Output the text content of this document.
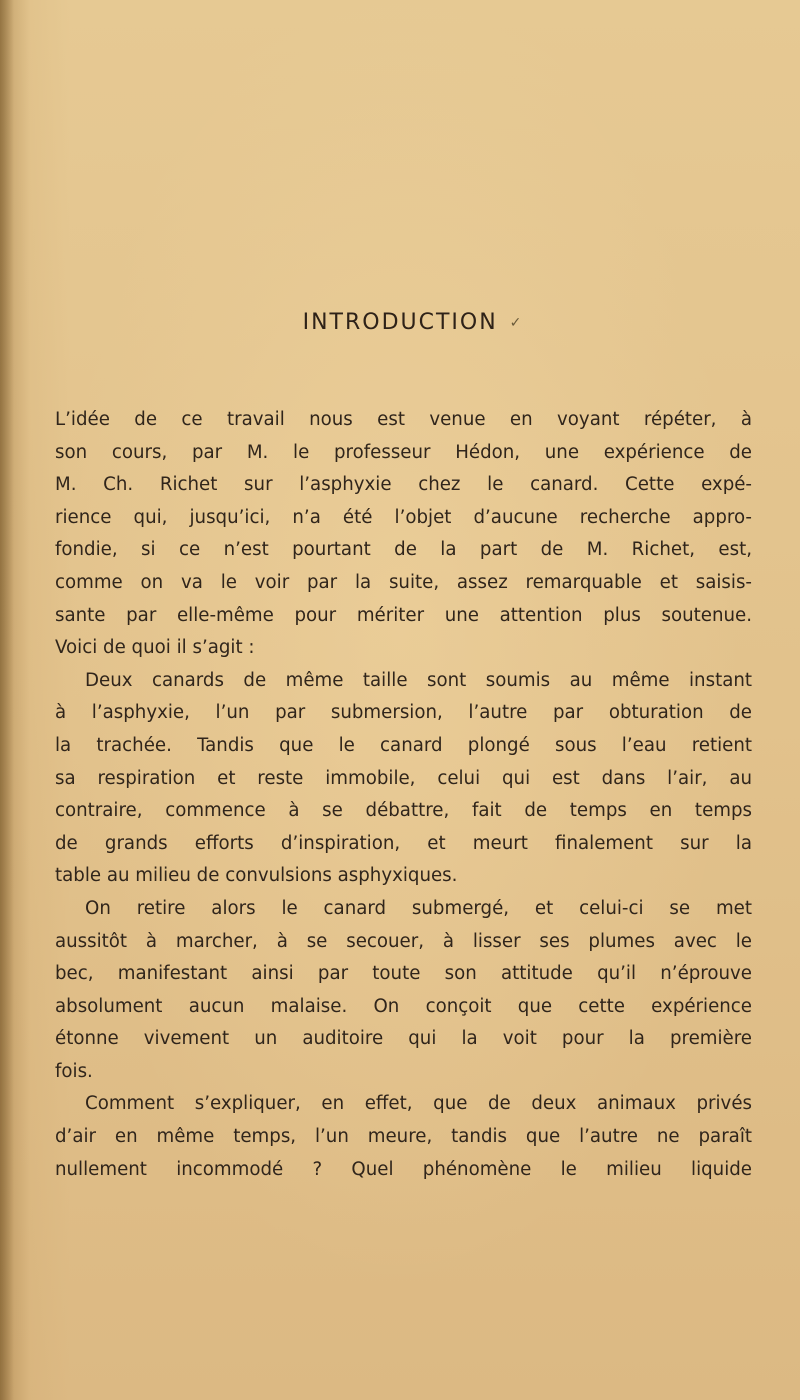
INTRODUCTION ✓

L’idée de ce travail nous est venue en voyant répéter, à
son cours, par M. le professeur Hédon, une expérience de
M. Ch. Richet sur l’asphyxie chez le canard. Cette expé-
rience qui, jusqu’ici, n’a été l’objet d’aucune recherche appro-
fondie, si ce n’est pourtant de la part de M. Richet, est,
comme on va le voir par la suite, assez remarquable et saisis-
sante par elle-même pour mériter une attention plus soutenue.
Voici de quoi il s’agit :

Deux canards de même taille sont soumis au même instant
à l’asphyxie, l’un par submersion, l’autre par obturation de
la trachée. Tandis que le canard plongé sous l’eau retient
sa respiration et reste immobile, celui qui est dans l’air, au
contraire, commence à se débattre, fait de temps en temps
de grands efforts d’inspiration, et meurt finalement sur la
table au milieu de convulsions asphyxiques.

On retire alors le canard submergé, et celui-ci se met
aussitôt à marcher, à se secouer, à lisser ses plumes avec le
bec, manifestant ainsi par toute son attitude qu’il n’éprouve
absolument aucun malaise. On conçoit que cette expérience
étonne vivement un auditoire qui la voit pour la première
fois.

Comment s’expliquer, en effet, que de deux animaux privés
d’air en même temps, l’un meure, tandis que l’autre ne paraît
nullement incommodé ? Quel phénomène le milieu liquide
